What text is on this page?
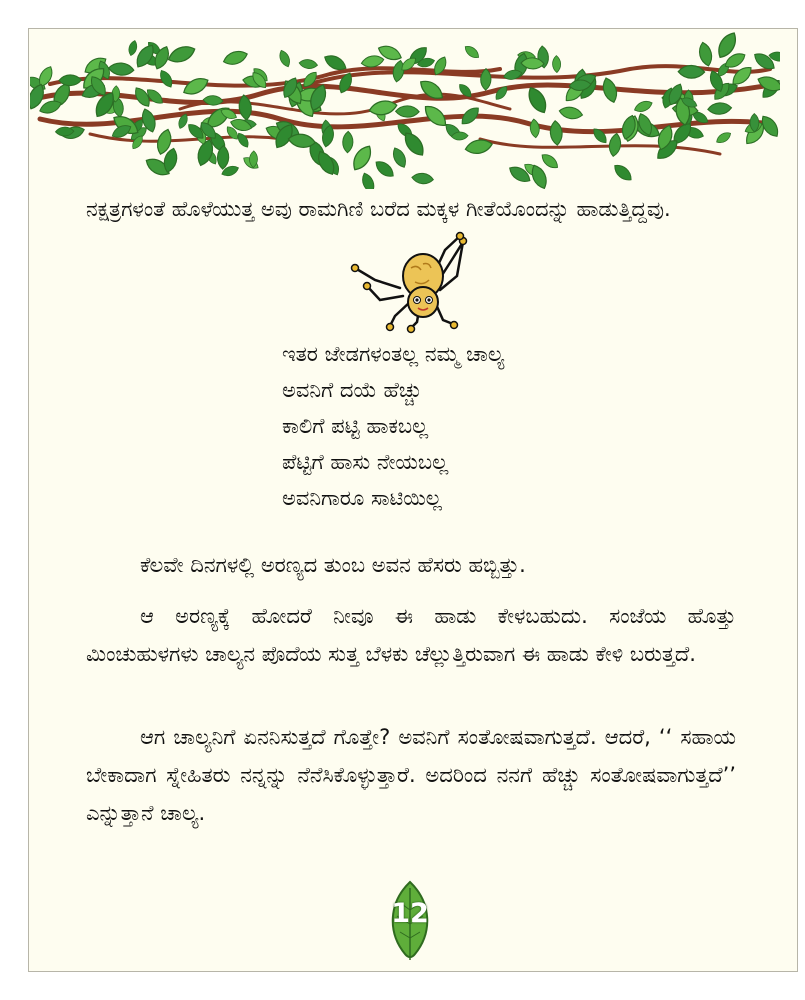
ನಕ್ಷತ್ರಗಳಂತೆ ಹೊಳೆಯುತ್ತ ಅವು ರಾಮಗಿಣಿ ಬರೆದ ಮಕ್ಕಳ ಗೀತೆಯೊಂದನ್ನು ಹಾಡುತ್ತಿದ್ದವು.
ಇತರ ಜೇಡಗಳಂತಲ್ಲ ನಮ್ಮ ಚಾಲ್ಯ
ಅವನಿಗೆ ದಯೆ ಹೆಚ್ಚು
ಕಾಲಿಗೆ ಪಟ್ಟಿ ಹಾಕಬಲ್ಲ
ಪೆಟ್ಟಿಗೆ ಹಾಸು ನೇಯಬಲ್ಲ
ಅವನಿಗಾರೂ ಸಾಟಿಯಿಲ್ಲ
ಕೆಲವೇ ದಿನಗಳಲ್ಲಿ ಅರಣ್ಯದ ತುಂಬ ಅವನ ಹೆಸರು ಹಬ್ಬಿತ್ತು.
ಆ ಅರಣ್ಯಕ್ಕೆ ಹೋದರೆ ನೀವೂ ಈ ಹಾಡು ಕೇಳಬಹುದು. ಸಂಜೆಯ ಹೊತ್ತು ಮಿಂಚುಹುಳಗಳು ಚಾಲ್ಯನ ಪೊದೆಯ ಸುತ್ತ ಬೆಳಕು ಚೆಲ್ಲುತ್ತಿರುವಾಗ ಈ ಹಾಡು ಕೇಳಿ ಬರುತ್ತದೆ.
ಆಗ ಚಾಲ್ಯನಿಗೆ ಏನನಿಸುತ್ತದೆ ಗೊತ್ತೇ? ಅವನಿಗೆ ಸಂತೋಷವಾಗುತ್ತದೆ. ಆದರೆ, ‘‘ ಸಹಾಯ ಬೇಕಾದಾಗ ಸ್ನೇಹಿತರು ನನ್ನನ್ನು ನೆನೆಸಿಕೊಳ್ಳುತ್ತಾರೆ. ಅದರಿಂದ ನನಗೆ ಹೆಚ್ಚು ಸಂತೋಷವಾಗುತ್ತದೆ’’ ಎನ್ನುತ್ತಾನೆ ಚಾಲ್ಯ.
12
